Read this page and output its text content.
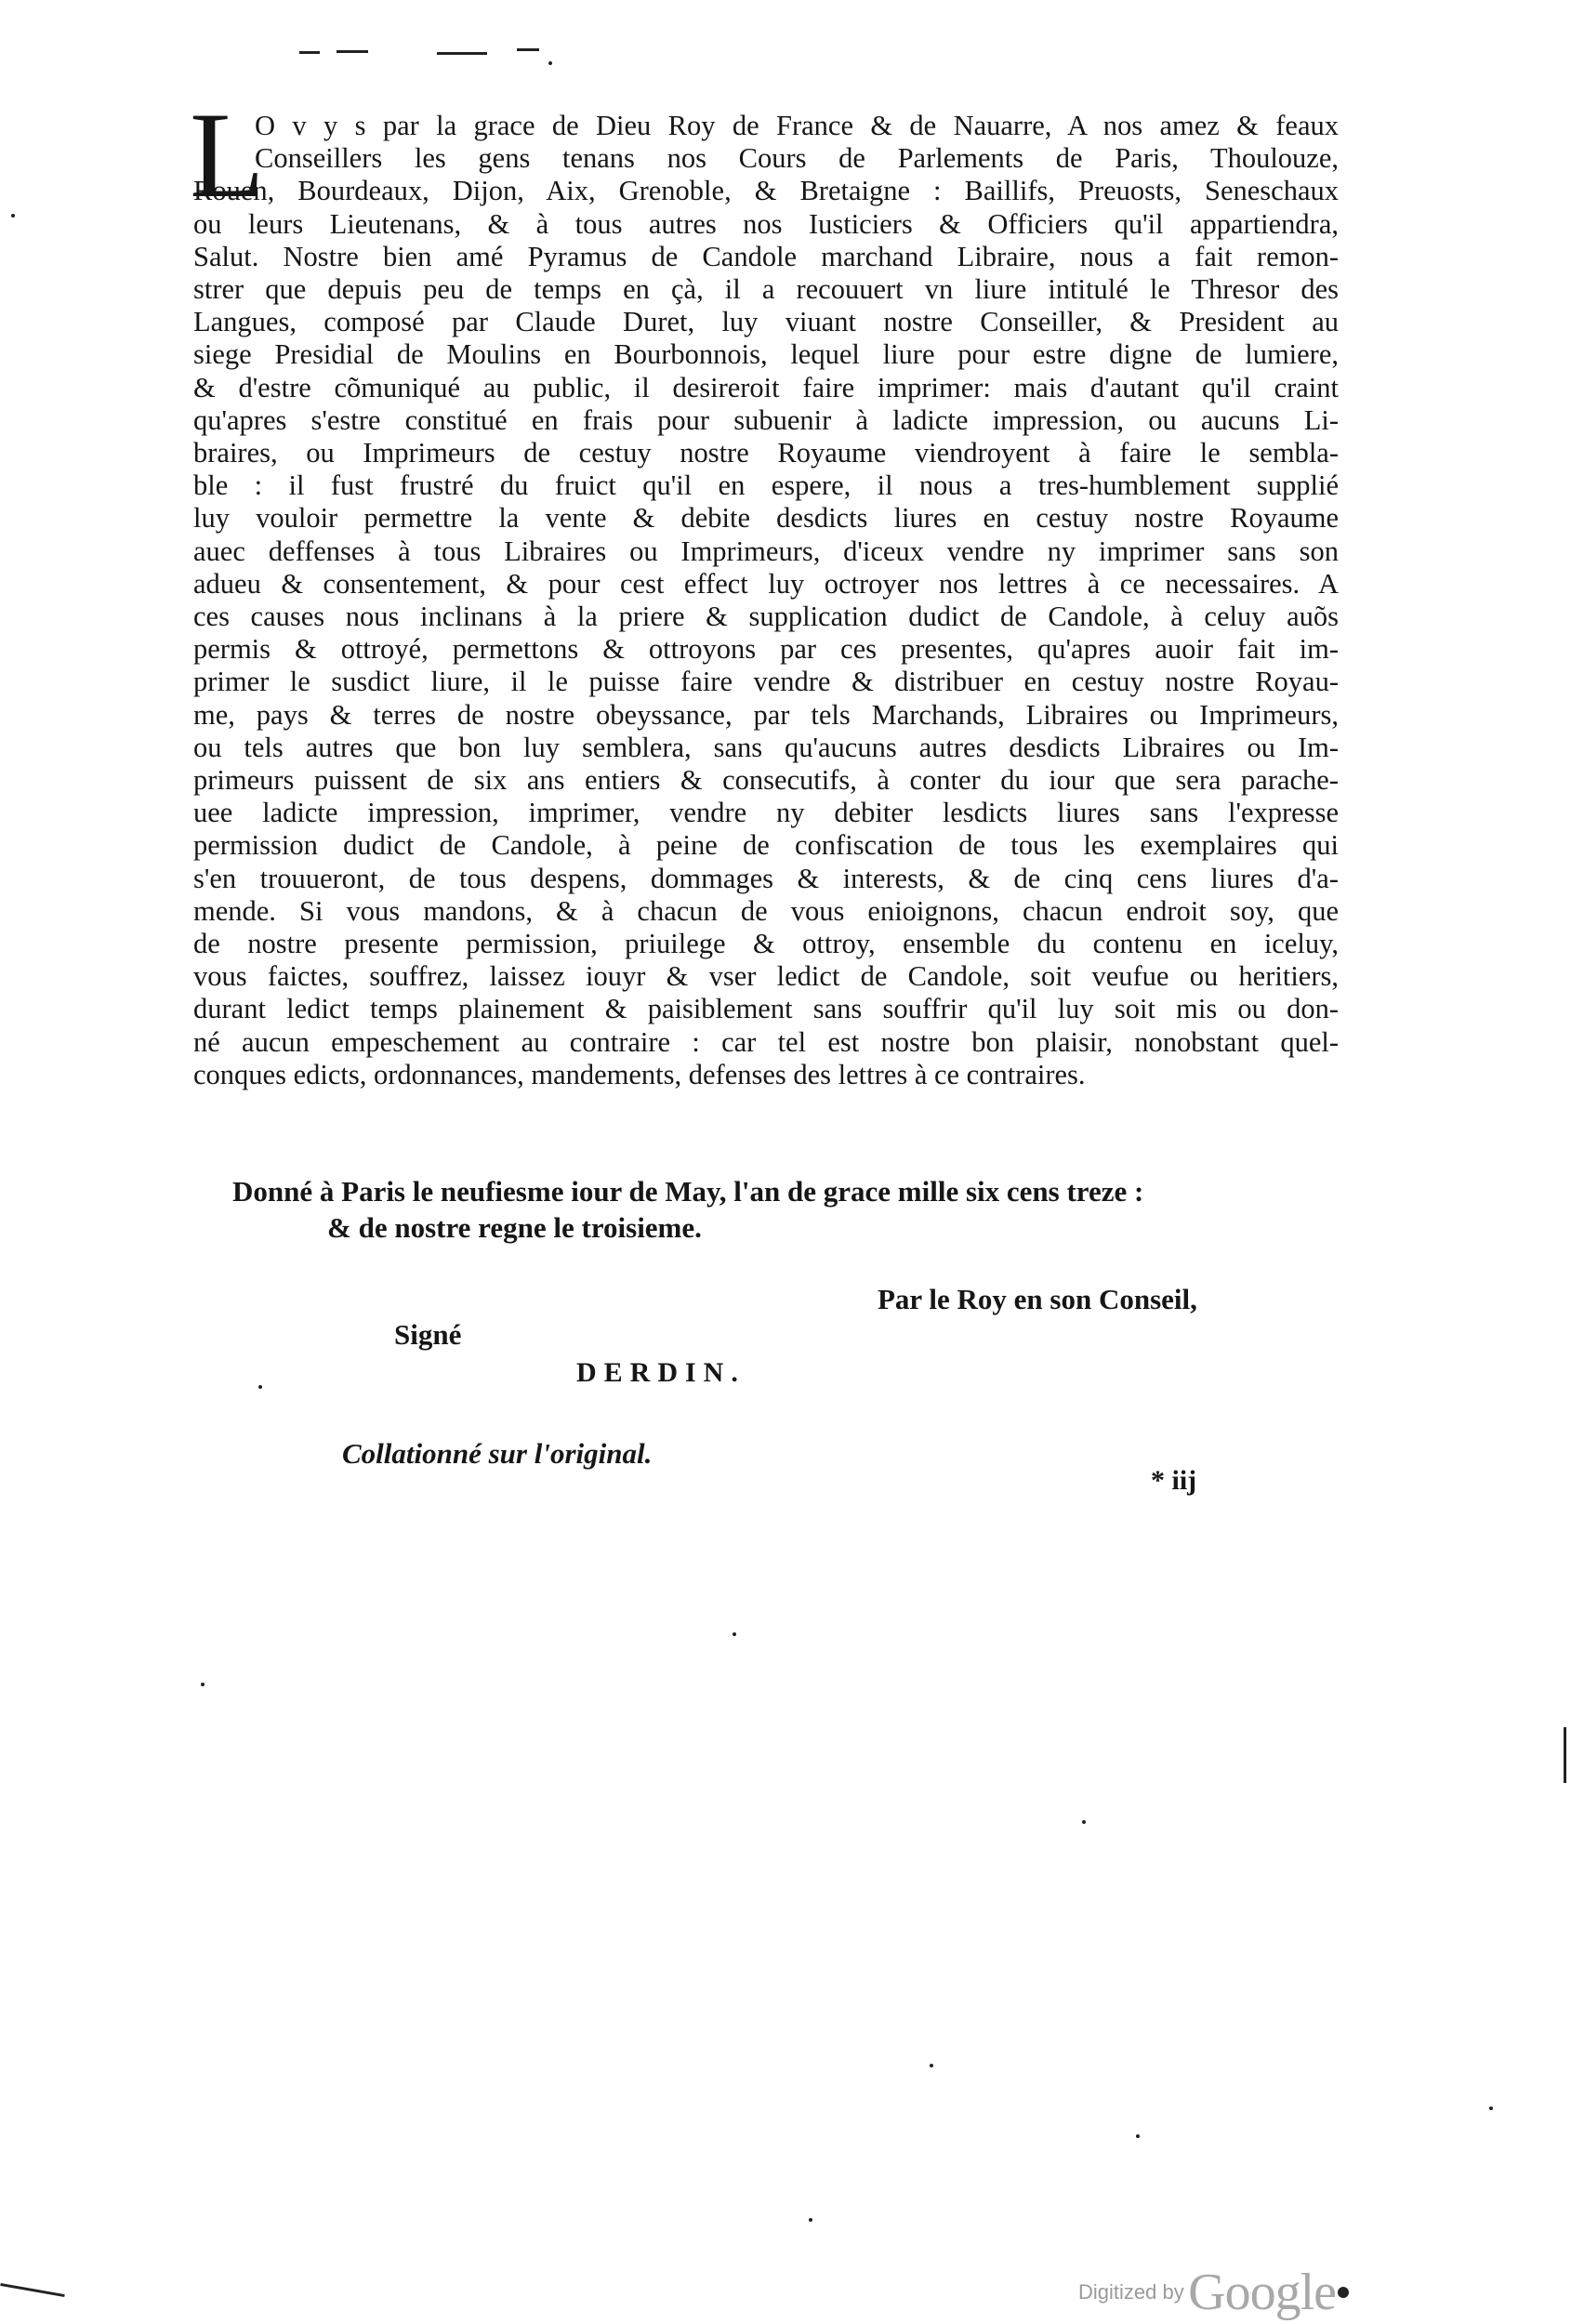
L
O v y s par la grace de Dieu Roy de France & de Nauarre, A nos amez & feaux
Conseillers les gens tenans nos Cours de Parlements de Paris, Thoulouze,
Rouen, Bourdeaux, Dijon, Aix, Grenoble, & Bretaigne : Baillifs, Preuosts, Seneschaux
ou leurs Lieutenans, & à tous autres nos Iusticiers & Officiers qu'il appartiendra,
Salut. Nostre bien amé Pyramus de Candole marchand Libraire, nous a fait remon-
strer que depuis peu de temps en çà, il a recouuert vn liure intitulé le Thresor des
Langues, composé par Claude Duret, luy viuant nostre Conseiller, & President au
siege Presidial de Moulins en Bourbonnois, lequel liure pour estre digne de lumiere,
& d'estre cõmuniqué au public, il desireroit faire imprimer: mais d'autant qu'il craint
qu'apres s'estre constitué en frais pour subuenir à ladicte impression, ou aucuns Li-
braires, ou Imprimeurs de cestuy nostre Royaume viendroyent à faire le sembla-
ble : il fust frustré du fruict qu'il en espere, il nous a tres-humblement supplié
luy vouloir permettre la vente & debite desdicts liures en cestuy nostre Royaume
auec deffenses à tous Libraires ou Imprimeurs, d'iceux vendre ny imprimer sans son
adueu & consentement, & pour cest effect luy octroyer nos lettres à ce necessaires. A
ces causes nous inclinans à la priere & supplication dudict de Candole, à celuy auõs
permis & ottroyé, permettons & ottroyons par ces presentes, qu'apres auoir fait im-
primer le susdict liure, il le puisse faire vendre & distribuer en cestuy nostre Royau-
me, pays & terres de nostre obeyssance, par tels Marchands, Libraires ou Imprimeurs,
ou tels autres que bon luy semblera, sans qu'aucuns autres desdicts Libraires ou Im-
primeurs puissent de six ans entiers & consecutifs, à conter du iour que sera parache-
uee ladicte impression, imprimer, vendre ny debiter lesdicts liures sans l'expresse
permission dudict de Candole, à peine de confiscation de tous les exemplaires qui
s'en trouueront, de tous despens, dommages & interests, & de cinq cens liures d'a-
mende. Si vous mandons, & à chacun de vous enioignons, chacun endroit soy, que
de nostre presente permission, priuilege & ottroy, ensemble du contenu en iceluy,
vous faictes, souffrez, laissez iouyr & vser ledict de Candole, soit veufue ou heritiers,
durant ledict temps plainement & paisiblement sans souffrir qu'il luy soit mis ou don-
né aucun empeschement au contraire : car tel est nostre bon plaisir, nonobstant quel-
conques edicts, ordonnances, mandements, defenses des lettres à ce contraires.
Donné à Paris le neufiesme iour de May, l'an de grace mille six cens treze :
& de nostre regne le troisieme.
Par le Roy en son Conseil,
Signé
DERDIN.
Collationné sur l'original.
* iij
Digitized by Google
